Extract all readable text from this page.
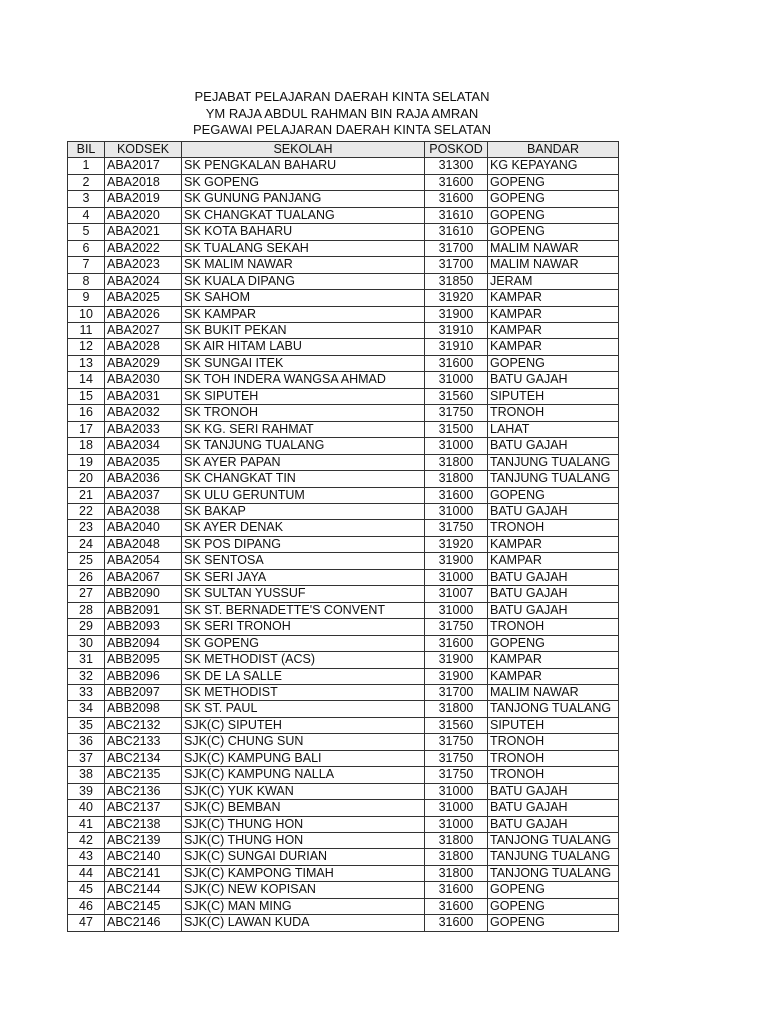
PEJABAT PELAJARAN DAERAH KINTA SELATAN
YM RAJA ABDUL RAHMAN BIN RAJA AMRAN
PEGAWAI PELAJARAN DAERAH KINTA SELATAN
BIL	KODSEK	SEKOLAH	POSKOD	BANDAR
1	ABA2017	SK PENGKALAN BAHARU	31300	KG KEPAYANG
2	ABA2018	SK GOPENG	31600	GOPENG
3	ABA2019	SK GUNUNG PANJANG	31600	GOPENG
4	ABA2020	SK CHANGKAT TUALANG	31610	GOPENG
5	ABA2021	SK KOTA BAHARU	31610	GOPENG
6	ABA2022	SK TUALANG SEKAH	31700	MALIM NAWAR
7	ABA2023	SK MALIM NAWAR	31700	MALIM NAWAR
8	ABA2024	SK KUALA DIPANG	31850	JERAM
9	ABA2025	SK SAHOM	31920	KAMPAR
10	ABA2026	SK KAMPAR	31900	KAMPAR
11	ABA2027	SK BUKIT PEKAN	31910	KAMPAR
12	ABA2028	SK AIR HITAM LABU	31910	KAMPAR
13	ABA2029	SK SUNGAI ITEK	31600	GOPENG
14	ABA2030	SK TOH INDERA WANGSA AHMAD	31000	BATU GAJAH
15	ABA2031	SK SIPUTEH	31560	SIPUTEH
16	ABA2032	SK TRONOH	31750	TRONOH
17	ABA2033	SK KG. SERI RAHMAT	31500	LAHAT
18	ABA2034	SK TANJUNG TUALANG	31000	BATU GAJAH
19	ABA2035	SK AYER PAPAN	31800	TANJUNG TUALANG
20	ABA2036	SK CHANGKAT TIN	31800	TANJUNG TUALANG
21	ABA2037	SK ULU GERUNTUM	31600	GOPENG
22	ABA2038	SK BAKAP	31000	BATU GAJAH
23	ABA2040	SK AYER DENAK	31750	TRONOH
24	ABA2048	SK POS DIPANG	31920	KAMPAR
25	ABA2054	SK SENTOSA	31900	KAMPAR
26	ABA2067	SK SERI JAYA	31000	BATU GAJAH
27	ABB2090	SK SULTAN YUSSUF	31007	BATU GAJAH
28	ABB2091	SK ST. BERNADETTE'S CONVENT	31000	BATU GAJAH
29	ABB2093	SK SERI TRONOH	31750	TRONOH
30	ABB2094	SK GOPENG	31600	GOPENG
31	ABB2095	SK METHODIST (ACS)	31900	KAMPAR
32	ABB2096	SK DE LA SALLE	31900	KAMPAR
33	ABB2097	SK METHODIST	31700	MALIM NAWAR
34	ABB2098	SK ST. PAUL	31800	TANJONG TUALANG
35	ABC2132	SJK(C) SIPUTEH	31560	SIPUTEH
36	ABC2133	SJK(C) CHUNG SUN	31750	TRONOH
37	ABC2134	SJK(C) KAMPUNG BALI	31750	TRONOH
38	ABC2135	SJK(C) KAMPUNG NALLA	31750	TRONOH
39	ABC2136	SJK(C) YUK KWAN	31000	BATU GAJAH
40	ABC2137	SJK(C) BEMBAN	31000	BATU GAJAH
41	ABC2138	SJK(C) THUNG HON	31000	BATU GAJAH
42	ABC2139	SJK(C) THUNG HON	31800	TANJONG TUALANG
43	ABC2140	SJK(C) SUNGAI DURIAN	31800	TANJUNG TUALANG
44	ABC2141	SJK(C) KAMPONG TIMAH	31800	TANJONG TUALANG
45	ABC2144	SJK(C) NEW KOPISAN	31600	GOPENG
46	ABC2145	SJK(C) MAN MING	31600	GOPENG
47	ABC2146	SJK(C) LAWAN KUDA	31600	GOPENG
